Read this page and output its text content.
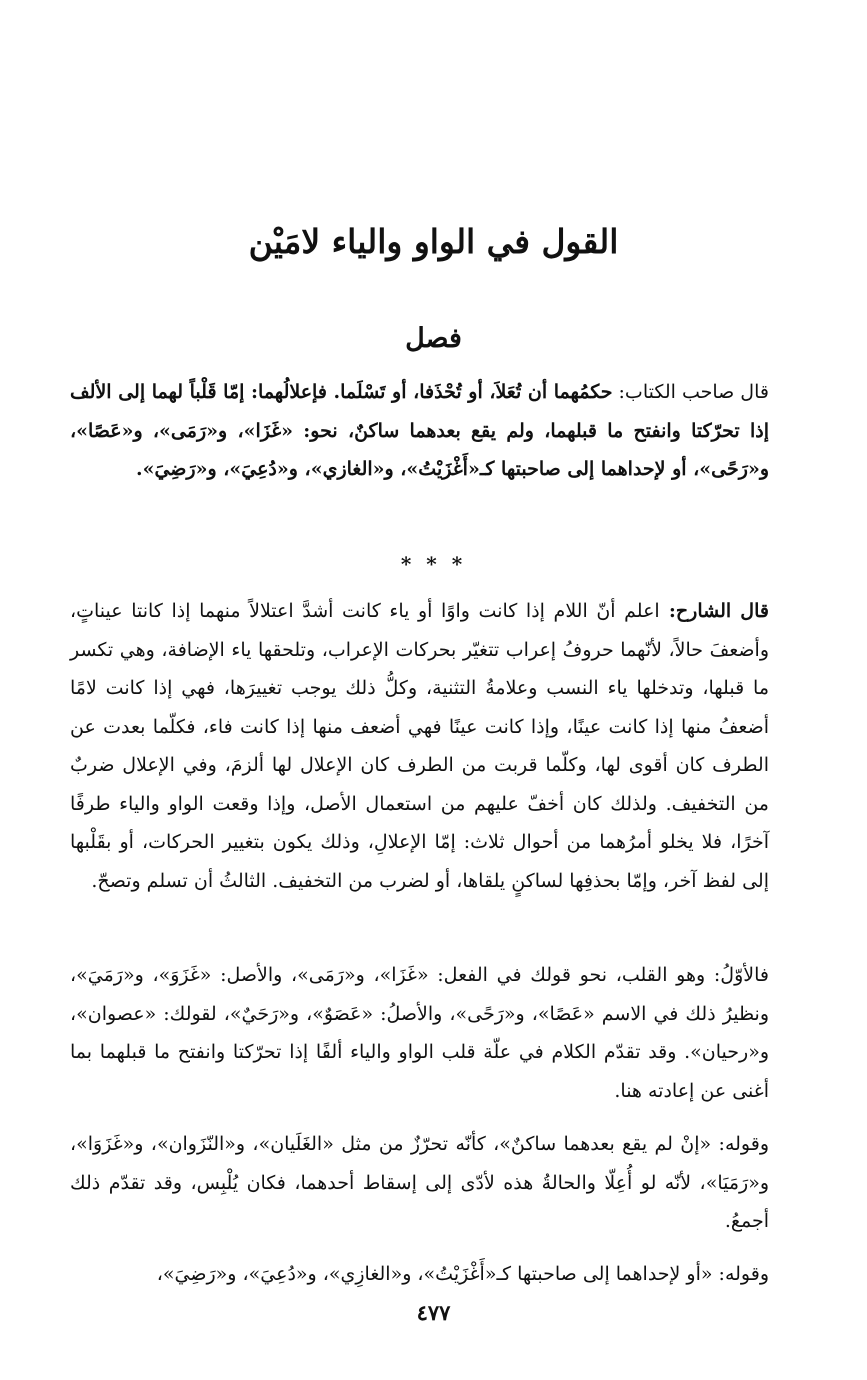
القول في الواو والياء لامَيْن
فصل

قال صاحب الكتاب: حكمُهما أن تُعَلاَ، أو تُحْذَفا، أو تَسْلَما. فإعلالُهما: إمّا قَلْباً لهما إلى الألف إذا تحرّكتا وانفتح ما قبلهما، ولم يقع بعدهما ساكنٌ، نحو: «غَزَا»، و«رَمَى»، و«عَصًا»، و«رَحًى»، أو لإحداهما إلى صاحبتها كـ«أَغْزَيْتُ»، و«الغازي»، و«دُعِيَ»، و«رَضِيَ».

* * *

قال الشارح: اعلم أنّ اللام إذا كانت واوًا أو ياء كانت أشدَّ اعتلالاً منهما إذا كانتا عيناتٍ، وأضعفَ حالاً، لأنّهما حروفُ إعراب تتغيّر بحركات الإعراب، وتلحقها ياء الإضافة، وهي تكسر ما قبلها، وتدخلها ياء النسب وعلامةُ التثنية، وكلُّ ذلك يوجب تغييرَها، فهي إذا كانت لامًا أضعفُ منها إذا كانت عينًا، وإذا كانت عينًا فهي أضعف منها إذا كانت فاء، فكلّما بعدت عن الطرف كان أقوى لها، وكلّما قربت من الطرف كان الإعلال لها ألزمَ، وفي الإعلال ضربٌ من التخفيف. ولذلك كان أخفّ عليهم من استعمال الأصل، وإذا وقعت الواو والياء طرفًا آخرًا، فلا يخلو أمرُهما من أحوال ثلاث: إمّا الإعلالِ، وذلك يكون بتغيير الحركات، أو بقَلْبها إلى لفظ آخر، وإمّا بحذفِها لساكنٍ يلقاها، أو لضرب من التخفيف. الثالثُ أن تسلم وتصحّ.

فالأوّلُ: وهو القلب، نحو قولك في الفعل: «غَزَا»، و«رَمَى»، والأصل: «غَزَوَ»، و«رَمَيَ»، ونظيرُ ذلك في الاسم «عَصًا»، و«رَحًى»، والأصلُ: «عَصَوٌ»، و«رَحَيٌ»، لقولك: «عصوان»، و«رحيان». وقد تقدّم الكلام في علّة قلب الواو والياء ألفًا إذا تحرّكتا وانفتح ما قبلهما بما أغنى عن إعادته هنا.

وقوله: «إنْ لم يقع بعدهما ساكنٌ»، كأنّه تحرّزٌ من مثل «الغَلَيان»، و«النّزَوان»، و«غَزَوَا»، و«رَمَيَا»، لأنّه لو أُعِلّا والحالةُ هذه لأدّى إلى إسقاط أحدهما، فكان يُلْبِس، وقد تقدّم ذلك أجمعُ.

وقوله: «أو لإحداهما إلى صاحبتها كـ«أَغْزَيْتُ»، و«الغازِي»، و«دُعِيَ»، و«رَضِيَ»،

٤٧٧
